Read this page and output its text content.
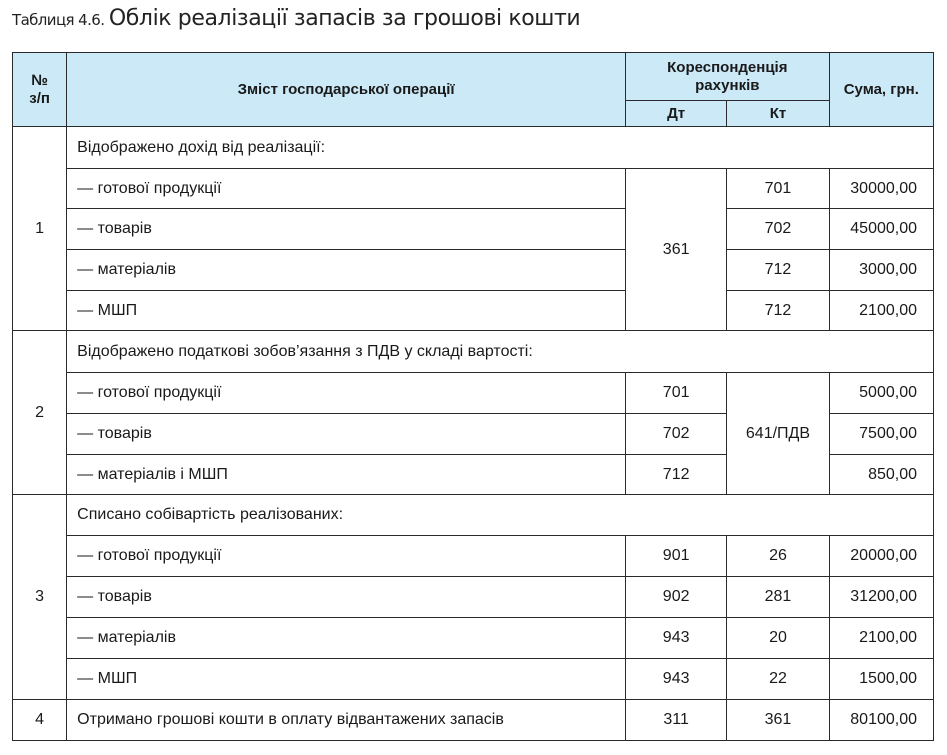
Таблиця 4.6. Облік реалізації запасів за грошові кошти
№ з/п	Зміст господарської операції	Кореспонденція рахунків		Сума, грн.
		Дт	Кт	
1	Відображено дохід від реалізації:			
	— готової продукції	361	701	30000,00
	— товарів		702	45000,00
	— матеріалів		712	3000,00
	— МШП		712	2100,00
2	Відображено податкові зобов’язання з ПДВ у складі вартості:			
	— готової продукції	701	641/ПДВ	5000,00
	— товарів	702		7500,00
	— матеріалів і МШП	712		850,00
3	Списано собівартість реалізованих:			
	— готової продукції	901	26	20000,00
	— товарів	902	281	31200,00
	— матеріалів	943	20	2100,00
	— МШП	943	22	1500,00
4	Отримано грошові кошти в оплату відвантажених запасів	311	361	80100,00
